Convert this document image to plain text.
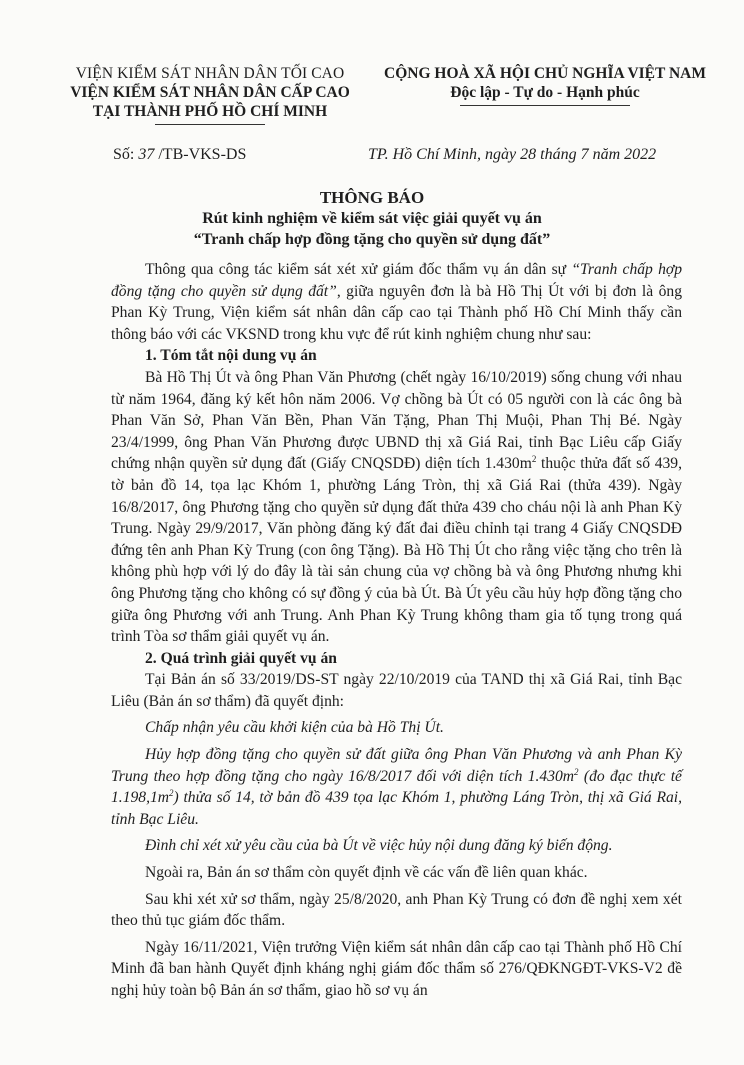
VIỆN KIỂM SÁT NHÂN DÂN TỐI CAO
VIỆN KIỂM SÁT NHÂN DÂN CẤP CAO
TẠI THÀNH PHỐ HỒ CHÍ MINH
CỘNG HOÀ XÃ HỘI CHỦ NGHĨA VIỆT NAM
Độc lập - Tự do - Hạnh phúc
Số: 37 /TB-VKS-DS	TP. Hồ Chí Minh, ngày 28 tháng 7 năm 2022
THÔNG BÁO
Rút kinh nghiệm về kiểm sát việc giải quyết vụ án
“Tranh chấp hợp đồng tặng cho quyền sử dụng đất”

Thông qua công tác kiểm sát xét xử giám đốc thẩm vụ án dân sự “Tranh chấp hợp đồng tặng cho quyền sử dụng đất”, giữa nguyên đơn là bà Hồ Thị Út với bị đơn là ông Phan Kỳ Trung, Viện kiểm sát nhân dân cấp cao tại Thành phố Hồ Chí Minh thấy cần thông báo với các VKSND trong khu vực để rút kinh nghiệm chung như sau:

1. Tóm tắt nội dung vụ án

Bà Hồ Thị Út và ông Phan Văn Phương (chết ngày 16/10/2019) sống chung với nhau từ năm 1964, đăng ký kết hôn năm 2006. Vợ chồng bà Út có 05 người con là các ông bà Phan Văn Sở, Phan Văn Bền, Phan Văn Tặng, Phan Thị Muội, Phan Thị Bé. Ngày 23/4/1999, ông Phan Văn Phương được UBND thị xã Giá Rai, tỉnh Bạc Liêu cấp Giấy chứng nhận quyền sử dụng đất (Giấy CNQSDĐ) diện tích $1.430m^2$ thuộc thửa đất số 439, tờ bản đồ 14, tọa lạc Khóm 1, phường Láng Tròn, thị xã Giá Rai (thửa 439). Ngày 16/8/2017, ông Phương tặng cho quyền sử dụng đất thửa 439 cho cháu nội là anh Phan Kỳ Trung. Ngày 29/9/2017, Văn phòng đăng ký đất đai điều chỉnh tại trang 4 Giấy CNQSDĐ đứng tên anh Phan Kỳ Trung (con ông Tặng). Bà Hồ Thị Út cho rằng việc tặng cho trên là không phù hợp với lý do đây là tài sản chung của vợ chồng bà và ông Phương nhưng khi ông Phương tặng cho không có sự đồng ý của bà Út. Bà Út yêu cầu hủy hợp đồng tặng cho giữa ông Phương với anh Trung. Anh Phan Kỳ Trung không tham gia tố tụng trong quá trình Tòa sơ thẩm giải quyết vụ án.

2. Quá trình giải quyết vụ án

Tại Bản án số 33/2019/DS-ST ngày 22/10/2019 của TAND thị xã Giá Rai, tỉnh Bạc Liêu (Bản án sơ thẩm) đã quyết định:

Chấp nhận yêu cầu khởi kiện của bà Hồ Thị Út.

Hủy hợp đồng tặng cho quyền sử đất giữa ông Phan Văn Phương và anh Phan Kỳ Trung theo hợp đồng tặng cho ngày 16/8/2017 đối với diện tích $1.430m^2$ (đo đạc thực tế $1.198,1m^2$) thửa số 14, tờ bản đồ 439 tọa lạc Khóm 1, phường Láng Tròn, thị xã Giá Rai, tỉnh Bạc Liêu.

Đình chỉ xét xử yêu cầu của bà Út về việc hủy nội dung đăng ký biến động.

Ngoài ra, Bản án sơ thẩm còn quyết định về các vấn đề liên quan khác.

Sau khi xét xử sơ thẩm, ngày 25/8/2020, anh Phan Kỳ Trung có đơn đề nghị xem xét theo thủ tục giám đốc thẩm.

Ngày 16/11/2021, Viện trưởng Viện kiểm sát nhân dân cấp cao tại Thành phố Hồ Chí Minh đã ban hành Quyết định kháng nghị giám đốc thẩm số 276/QĐKNGĐT-VKS-V2 đề nghị hủy toàn bộ Bản án sơ thẩm, giao hồ sơ vụ án
